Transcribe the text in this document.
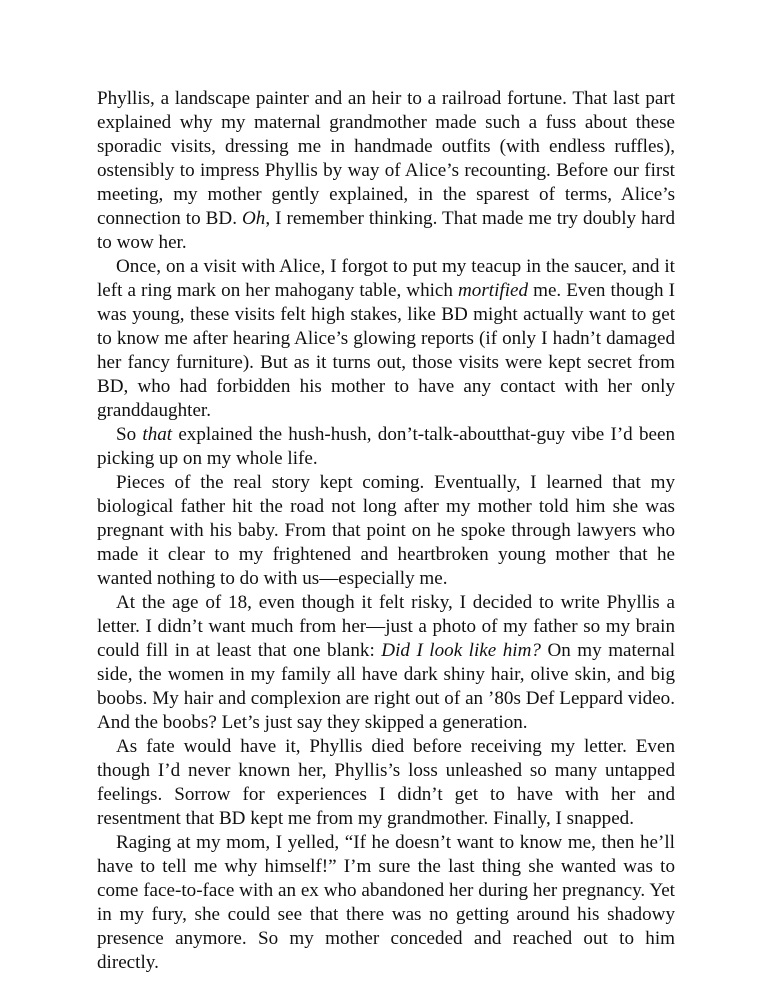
Phyllis, a landscape painter and an heir to a railroad fortune. That last part explained why my maternal grandmother made such a fuss about these sporadic visits, dressing me in handmade outfits (with endless ruffles), ostensibly to impress Phyllis by way of Alice’s recounting. Before our first meeting, my mother gently explained, in the sparest of terms, Alice’s connection to BD. Oh, I remember thinking. That made me try doubly hard to wow her.

Once, on a visit with Alice, I forgot to put my teacup in the saucer, and it left a ring mark on her mahogany table, which mortified me. Even though I was young, these visits felt high stakes, like BD might actually want to get to know me after hearing Alice’s glowing reports (if only I hadn’t damaged her fancy furniture). But as it turns out, those visits were kept secret from BD, who had forbidden his mother to have any contact with her only granddaughter.

So that explained the hush-hush, don’t-talk-aboutthat-guy vibe I’d been picking up on my whole life.

Pieces of the real story kept coming. Eventually, I learned that my biological father hit the road not long after my mother told him she was pregnant with his baby. From that point on he spoke through lawyers who made it clear to my frightened and heartbroken young mother that he wanted nothing to do with us—especially me.

At the age of 18, even though it felt risky, I decided to write Phyllis a letter. I didn’t want much from her—just a photo of my father so my brain could fill in at least that one blank: Did I look like him? On my maternal side, the women in my family all have dark shiny hair, olive skin, and big boobs. My hair and complexion are right out of an ’80s Def Leppard video. And the boobs? Let’s just say they skipped a generation.

As fate would have it, Phyllis died before receiving my letter. Even though I’d never known her, Phyllis’s loss unleashed so many untapped feelings. Sorrow for experiences I didn’t get to have with her and resentment that BD kept me from my grandmother. Finally, I snapped.

Raging at my mom, I yelled, “If he doesn’t want to know me, then he’ll have to tell me why himself!” I’m sure the last thing she wanted was to come face-to-face with an ex who abandoned her during her pregnancy. Yet in my fury, she could see that there was no getting around his shadowy presence anymore. So my mother conceded and reached out to him directly.
